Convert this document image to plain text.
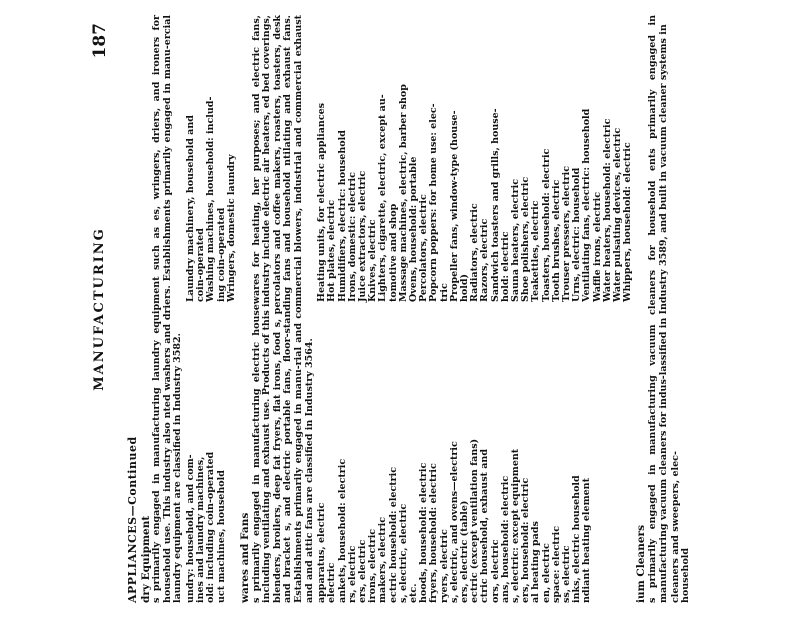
MANUFACTURING
187
APPLIANCES—Continued dry Equipment s primarily engaged in manufacturing laundry equipment such as es, wringers, driers, and ironers for household use. This industry also nted washers and driers. Establishments primarily engaged in manu-ercial laundry equipment are classified in Industry 3582. undry: household, and com- ines and laundry machines, old: including coin-operated uct machines, household
Laundry machinery, household and coin-operated Washing machines, household: includ- ing coin-operated Wringers, domestic laundry
wares and Fans s primarily engaged in manufacturing electric housewares for heating, her purposes; and electric fans, including ventilating and exhaust use. Products of this industry include electric air heaters, ed bed coverings, blenders, broilers, deep fat fryers, flat irons, food s, percolators and coffee makers, roasters, toasters, desk and bracket s, and electric portable fans, floor-standing fans and household ntilating and exhaust fans. Establishments primarily engaged in manu-rial and commercial blowers, industrial and commercial exhaust and and attic fans are classified in Industry 3564. apparatus, electric electric ankets, household: electric rs, electric ers, electric irons, electric makers, electric ectric household: electric s, electric, electric etc. hoods, household: electric fryers, household: electric ryers, electric s, electric, and ovens—electric ers, electric (table) ectric (except ventilation fans) ctric household, exhaust and ors, electric ans, household: electric s, electric: except equipment ers, household: electric al heating pads en, electric space: electric ss, electric inks, electric household ndiant heating element
Heating units, for electric appliances Hot plates, electric Humidifiers, electric: household Irons, domestic: electric Juice extractors, electric Knives, electric Lighters, cigarette, electric, except au- tomotive and shop Massage machines, electric, barber shop Ovens, household: portable Percolators, electric Popcorn poppers: for home use: elec- tric Propeller fans, window-type (house- hold) Radiators, electric Razors, electric Sandwich toasters and grills, house- hold: electric Sauna heaters, electric Shoe polishers, electric Teakettles, electric Toasters, household: electric Tooth brushes, electric Trouser pressers, electric Urns, electric: household Ventilating fans, electric: household Waffle irons, electric Water heaters, household: electric Water pulsating devices, electric Whippers, household: electric
ium Cleaners s primarily engaged in manufacturing vacuum cleaners for household ents primarily engaged in manufacturing vacuum cleaners for indus-lassified in Industry 3589, and built in vacuum cleaner systems in cleaners and sweepers, elec- household
